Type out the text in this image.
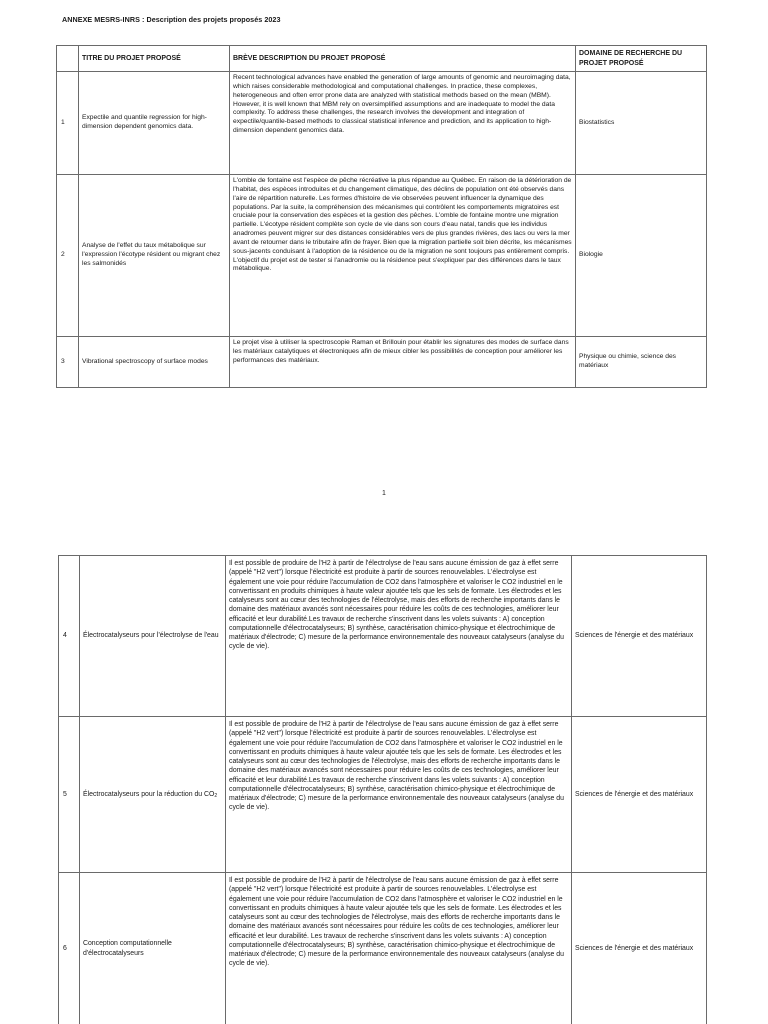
ANNEXE MESRS-INRS : Description des projets proposés 2023
	TITRE DU PROJET PROPOSÉ	BRÈVE DESCRIPTION DU PROJET PROPOSÉ	DOMAINE DE RECHERCHE DU PROJET PROPOSÉ
1	Expectile and quantile regression for high-dimension dependent genomics data.	Recent technological advances have enabled the generation of large amounts of genomic and neuroimaging data, which raises considerable methodological and computational challenges. In practice, these complexes, heterogeneous and often error prone data are analyzed with statistical methods based on the mean (MBM). However, it is well known that MBM rely on oversimplified assumptions and are inadequate to model the data complexity. To address these challenges, the research involves the development and integration of expectile/quantile-based methods to classical statistical inference and prediction, and its application to high-dimension dependent genomics data.	Biostatistics
2	Analyse de l'effet du taux métabolique sur l'expression l'écotype résident ou migrant chez les salmonidés	L'omble de fontaine est l'espèce de pêche récréative la plus répandue au Québec. En raison de la détérioration de l'habitat, des espèces introduites et du changement climatique, des déclins de population ont été observés dans l'aire de répartition naturelle. Les formes d'histoire de vie observées peuvent influencer la dynamique des populations. Par la suite, la compréhension des mécanismes qui contrôlent les comportements migratoires est cruciale pour la conservation des espèces et la gestion des pêches. L'omble de fontaine montre une migration partielle. L'écotype résident complète son cycle de vie dans son cours d'eau natal, tandis que les individus anadromes peuvent migrer sur des distances considérables vers de plus grandes rivières, des lacs ou vers la mer avant de retourner dans le tributaire afin de frayer. Bien que la migration partielle soit bien décrite, les mécanismes sous-jacents conduisant à l'adoption de la résidence ou de la migration ne sont toujours pas entièrement compris. L'objectif du projet est de tester si l'anadromie ou la résidence peut s'expliquer par des différences dans le taux métabolique.	Biologie
3	Vibrational spectroscopy of surface modes	Le projet vise à utiliser la spectroscopie Raman et Brillouin pour établir les signatures des modes de surface dans les matériaux catalytiques et électroniques afin de mieux cibler les possibilités de conception pour améliorer les performances des matériaux.	Physique ou chimie, science des matériaux
1
4	Électrocatalyseurs pour l'électrolyse de l'eau	Il est possible de produire de l'H2 à partir de l'électrolyse de l'eau sans aucune émission de gaz à effet serre (appelé "H2 vert") lorsque l'électricité est produite à partir de sources renouvelables. L'électrolyse est également une voie pour réduire l'accumulation de CO2 dans l'atmosphère et valoriser le CO2 industriel en le convertissant en produits chimiques à haute valeur ajoutée tels que les sels de formate. Les électrodes et les catalyseurs sont au cœur des technologies de l'électrolyse, mais des efforts de recherche importants dans le domaine des matériaux avancés sont nécessaires pour réduire les coûts de ces technologies, améliorer leur efficacité et leur durabilité.Les travaux de recherche s'inscrivent dans les volets suivants : A) conception computationnelle d'électrocatalyseurs; B) synthèse, caractérisation chimico-physique et électrochimique de matériaux d'électrode; C) mesure de la performance environnementale des nouveaux catalyseurs (analyse du cycle de vie).	Sciences de l'énergie et des matériaux
5	Électrocatalyseurs pour la réduction du $CO_2$	Il est possible de produire de l'H2 à partir de l'électrolyse de l'eau sans aucune émission de gaz à effet serre (appelé "H2 vert") lorsque l'électricité est produite à partir de sources renouvelables. L'électrolyse est également une voie pour réduire l'accumulation de CO2 dans l'atmosphère et valoriser le CO2 industriel en le convertissant en produits chimiques à haute valeur ajoutée tels que les sels de formate. Les électrodes et les catalyseurs sont au cœur des technologies de l'électrolyse, mais des efforts de recherche importants dans le domaine des matériaux avancés sont nécessaires pour réduire les coûts de ces technologies, améliorer leur efficacité et leur durabilité.Les travaux de recherche s'inscrivent dans les volets suivants : A) conception computationnelle d'électrocatalyseurs; B) synthèse, caractérisation chimico-physique et électrochimique de matériaux d'électrode; C) mesure de la performance environnementale des nouveaux catalyseurs (analyse du cycle de vie).	Sciences de l'énergie et des matériaux
6	Conception computationnelle d'électrocatalyseurs	Il est possible de produire de l'H2 à partir de l'électrolyse de l'eau sans aucune émission de gaz à effet serre (appelé "H2 vert") lorsque l'électricité est produite à partir de sources renouvelables. L'électrolyse est également une voie pour réduire l'accumulation de CO2 dans l'atmosphère et valoriser le CO2 industriel en le convertissant en produits chimiques à haute valeur ajoutée tels que les sels de formate. Les électrodes et les catalyseurs sont au cœur des technologies de l'électrolyse, mais des efforts de recherche importants dans le domaine des matériaux avancés sont nécessaires pour réduire les coûts de ces technologies, améliorer leur efficacité et leur durabilité. Les travaux de recherche s'inscrivent dans les volets suivants : A) conception computationnelle d'électrocatalyseurs; B) synthèse, caractérisation chimico-physique et électrochimique de matériaux d'électrode; C) mesure de la performance environnementale des nouveaux catalyseurs (analyse du cycle de vie).	Sciences de l'énergie et des matériaux
